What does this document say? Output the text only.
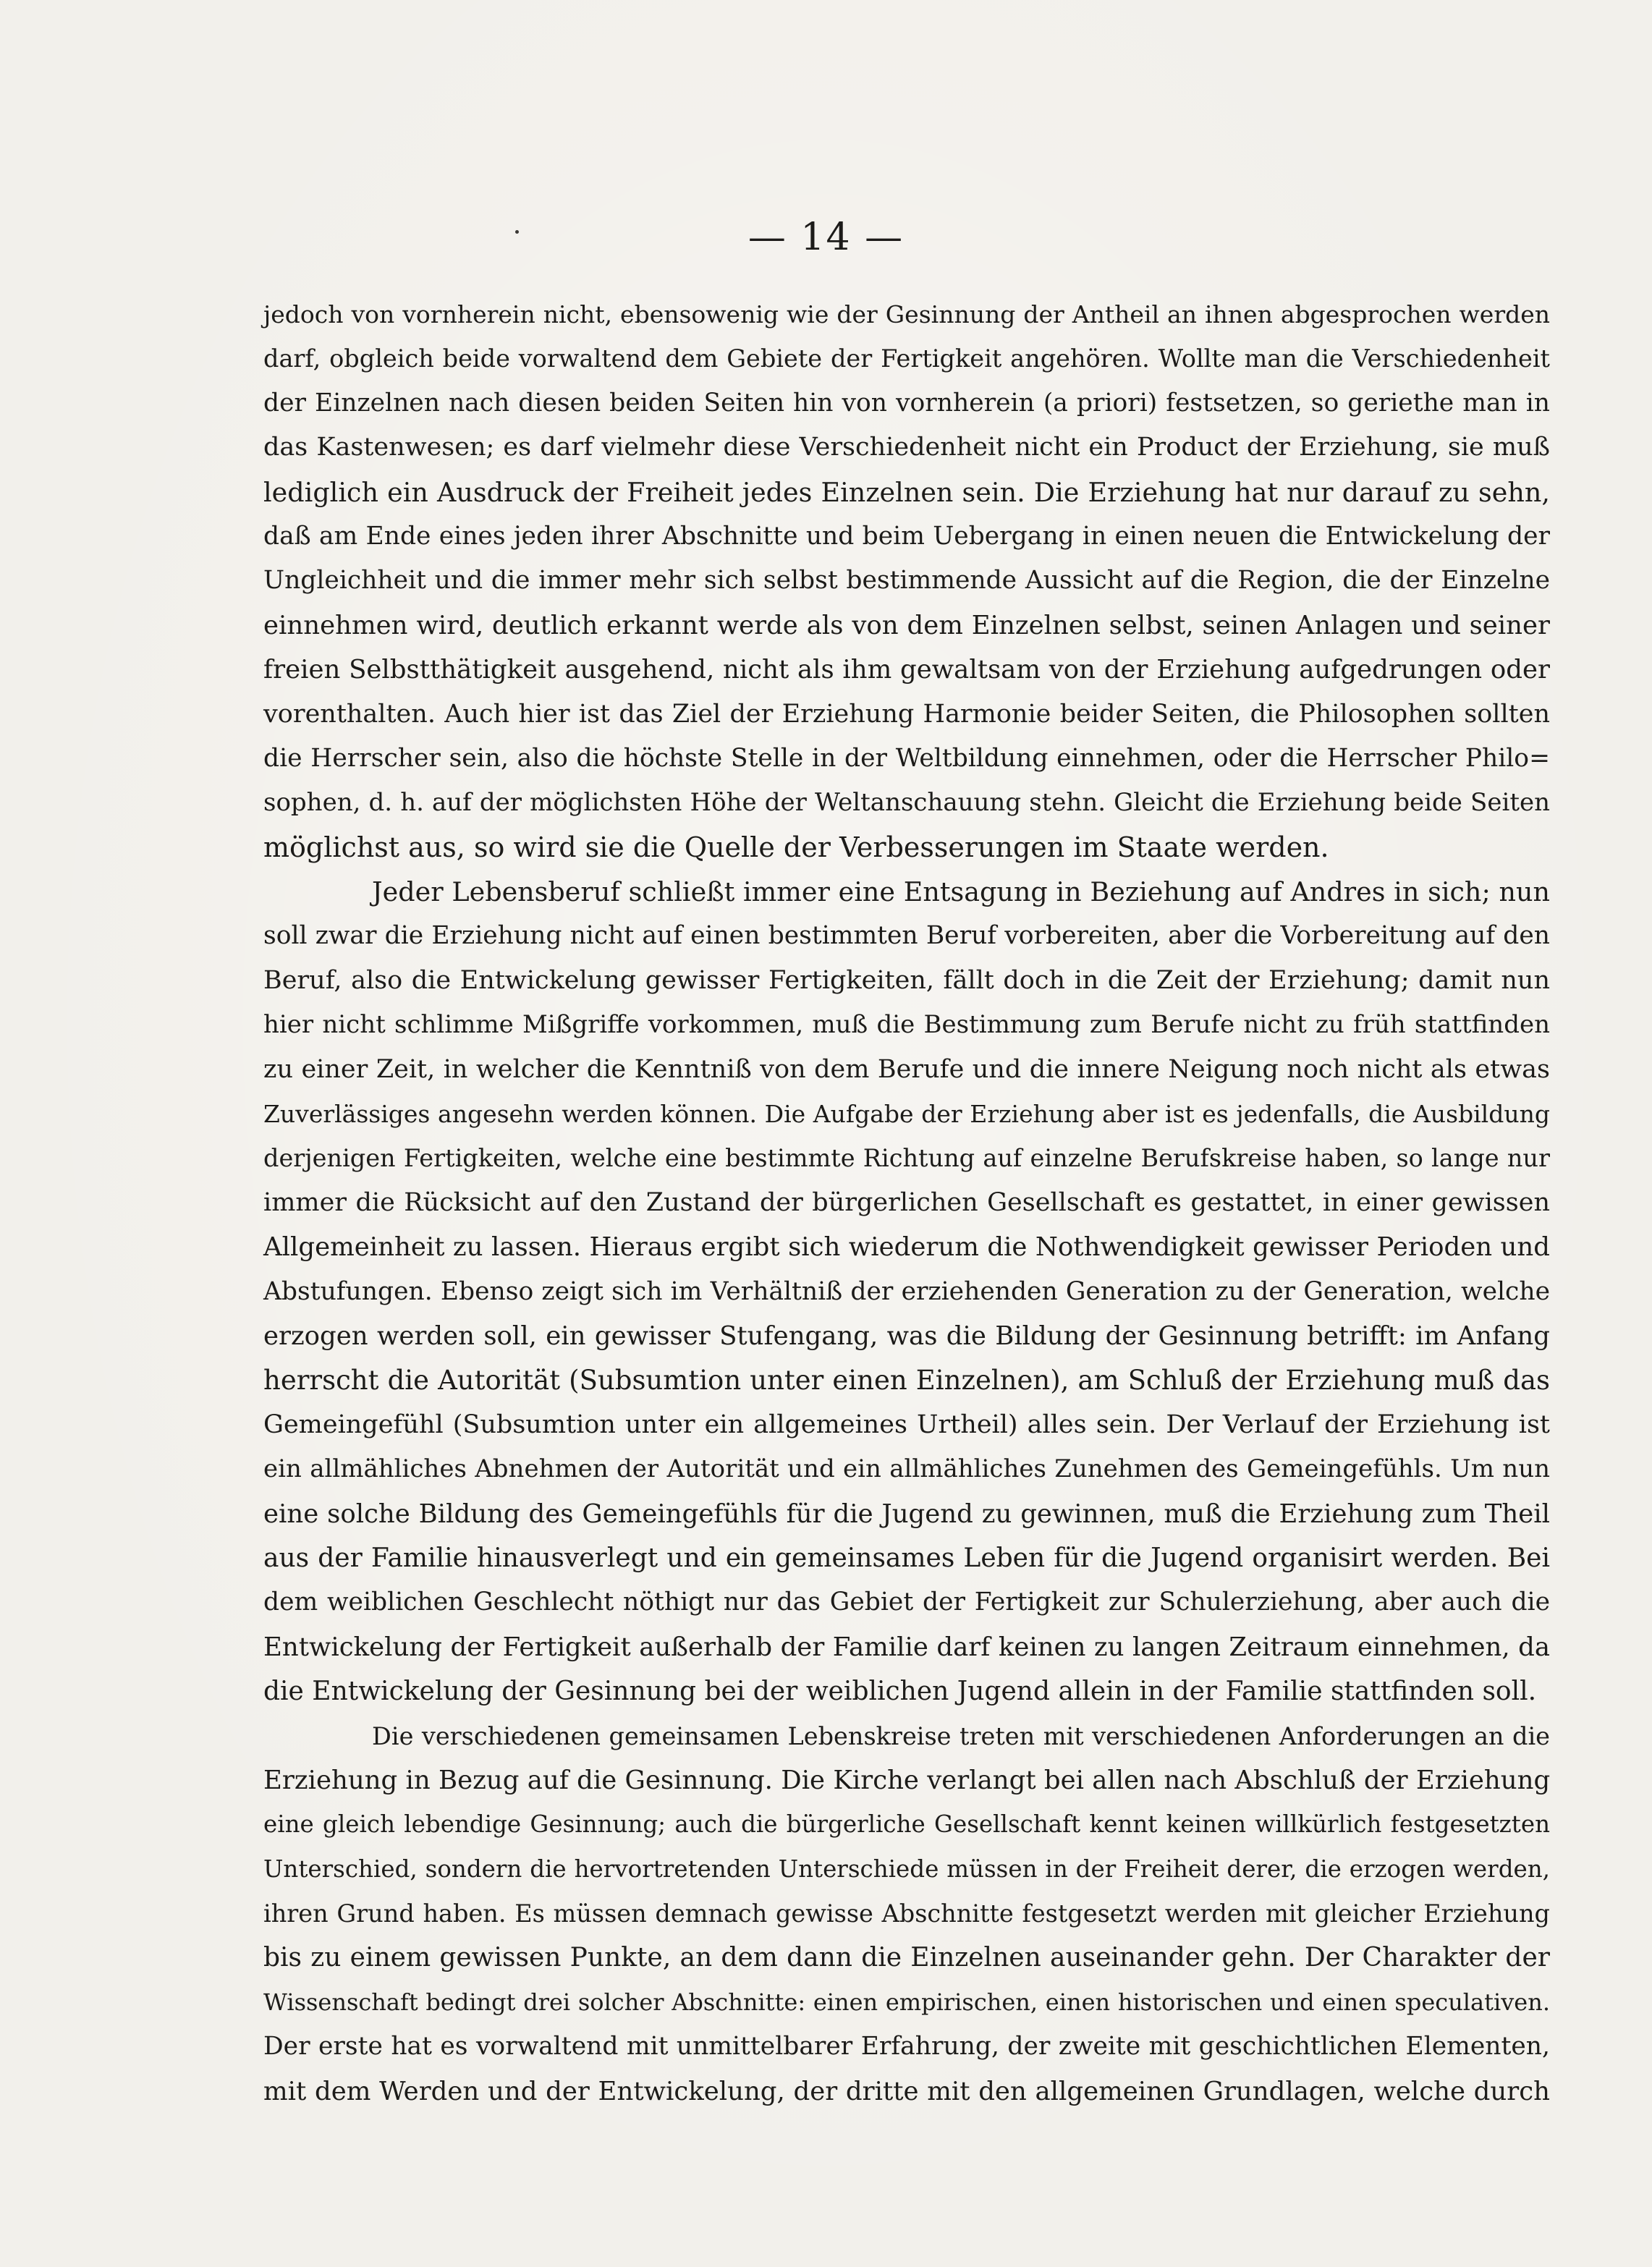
— 14 —
jedoch von vornherein nicht, ebensowenig wie der Gesinnung der Antheil an ihnen abgesprochen werden
darf, obgleich beide vorwaltend dem Gebiete der Fertigkeit angehören. Wollte man die Verschiedenheit
der Einzelnen nach diesen beiden Seiten hin von vornherein (a priori) festsetzen, so geriethe man in
das Kastenwesen; es darf vielmehr diese Verschiedenheit nicht ein Product der Erziehung, sie muß
lediglich ein Ausdruck der Freiheit jedes Einzelnen sein. Die Erziehung hat nur darauf zu sehn,
daß am Ende eines jeden ihrer Abschnitte und beim Uebergang in einen neuen die Entwickelung der
Ungleichheit und die immer mehr sich selbst bestimmende Aussicht auf die Region, die der Einzelne
einnehmen wird, deutlich erkannt werde als von dem Einzelnen selbst, seinen Anlagen und seiner
freien Selbstthätigkeit ausgehend, nicht als ihm gewaltsam von der Erziehung aufgedrungen oder
vorenthalten. Auch hier ist das Ziel der Erziehung Harmonie beider Seiten, die Philosophen sollten
die Herrscher sein, also die höchste Stelle in der Weltbildung einnehmen, oder die Herrscher Philo=
sophen, d. h. auf der möglichsten Höhe der Weltanschauung stehn. Gleicht die Erziehung beide Seiten
möglichst aus, so wird sie die Quelle der Verbesserungen im Staate werden.
Jeder Lebensberuf schließt immer eine Entsagung in Beziehung auf Andres in sich; nun
soll zwar die Erziehung nicht auf einen bestimmten Beruf vorbereiten, aber die Vorbereitung auf den
Beruf, also die Entwickelung gewisser Fertigkeiten, fällt doch in die Zeit der Erziehung; damit nun
hier nicht schlimme Mißgriffe vorkommen, muß die Bestimmung zum Berufe nicht zu früh stattfinden
zu einer Zeit, in welcher die Kenntniß von dem Berufe und die innere Neigung noch nicht als etwas
Zuverlässiges angesehn werden können. Die Aufgabe der Erziehung aber ist es jedenfalls, die Ausbildung
derjenigen Fertigkeiten, welche eine bestimmte Richtung auf einzelne Berufskreise haben, so lange nur
immer die Rücksicht auf den Zustand der bürgerlichen Gesellschaft es gestattet, in einer gewissen
Allgemeinheit zu lassen. Hieraus ergibt sich wiederum die Nothwendigkeit gewisser Perioden und
Abstufungen. Ebenso zeigt sich im Verhältniß der erziehenden Generation zu der Generation, welche
erzogen werden soll, ein gewisser Stufengang, was die Bildung der Gesinnung betrifft: im Anfang
herrscht die Autorität (Subsumtion unter einen Einzelnen), am Schluß der Erziehung muß das
Gemeingefühl (Subsumtion unter ein allgemeines Urtheil) alles sein. Der Verlauf der Erziehung ist
ein allmähliches Abnehmen der Autorität und ein allmähliches Zunehmen des Gemeingefühls. Um nun
eine solche Bildung des Gemeingefühls für die Jugend zu gewinnen, muß die Erziehung zum Theil
aus der Familie hinausverlegt und ein gemeinsames Leben für die Jugend organisirt werden. Bei
dem weiblichen Geschlecht nöthigt nur das Gebiet der Fertigkeit zur Schulerziehung, aber auch die
Entwickelung der Fertigkeit außerhalb der Familie darf keinen zu langen Zeitraum einnehmen, da
die Entwickelung der Gesinnung bei der weiblichen Jugend allein in der Familie stattfinden soll.
Die verschiedenen gemeinsamen Lebenskreise treten mit verschiedenen Anforderungen an die
Erziehung in Bezug auf die Gesinnung. Die Kirche verlangt bei allen nach Abschluß der Erziehung
eine gleich lebendige Gesinnung; auch die bürgerliche Gesellschaft kennt keinen willkürlich festgesetzten
Unterschied, sondern die hervortretenden Unterschiede müssen in der Freiheit derer, die erzogen werden,
ihren Grund haben. Es müssen demnach gewisse Abschnitte festgesetzt werden mit gleicher Erziehung
bis zu einem gewissen Punkte, an dem dann die Einzelnen auseinander gehn. Der Charakter der
Wissenschaft bedingt drei solcher Abschnitte: einen empirischen, einen historischen und einen speculativen.
Der erste hat es vorwaltend mit unmittelbarer Erfahrung, der zweite mit geschichtlichen Elementen,
mit dem Werden und der Entwickelung, der dritte mit den allgemeinen Grundlagen, welche durch
